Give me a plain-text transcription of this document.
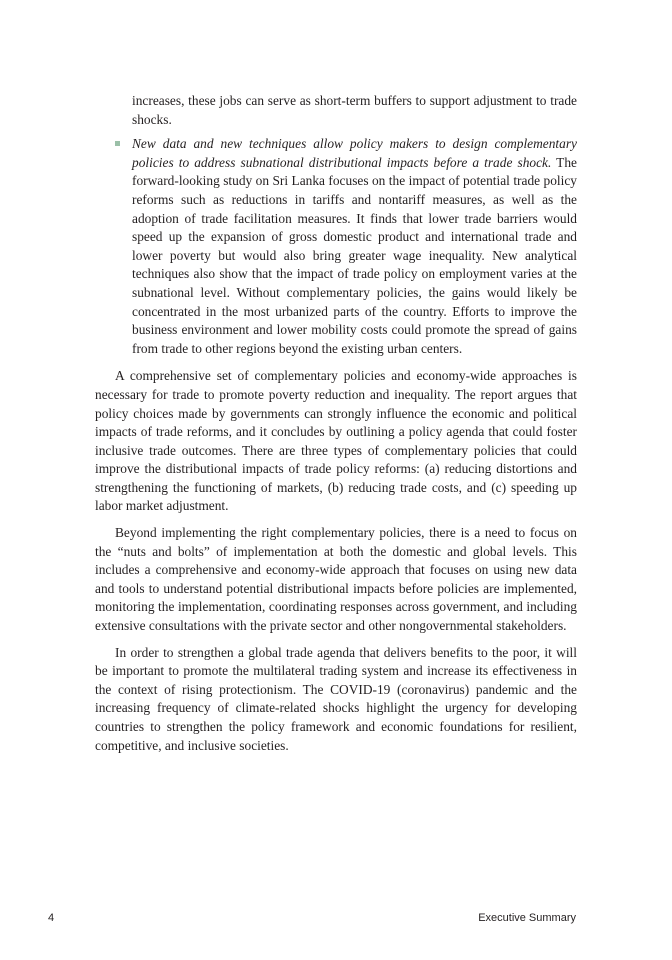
increases, these jobs can serve as short-term buffers to support adjustment to trade shocks.

New data and new techniques allow policy makers to design complementary policies to address subnational distributional impacts before a trade shock. The forward-looking study on Sri Lanka focuses on the impact of potential trade policy reforms such as reductions in tariffs and nontariff measures, as well as the adoption of trade facilitation measures. It finds that lower trade barriers would speed up the expansion of gross domestic product and international trade and lower poverty but would also bring greater wage inequality. New analytical techniques also show that the impact of trade policy on employment varies at the subnational level. Without complementary policies, the gains would likely be concentrated in the most urbanized parts of the country. Efforts to improve the business environment and lower mobility costs could promote the spread of gains from trade to other regions beyond the existing urban centers.

A comprehensive set of complementary policies and economy-wide approaches is necessary for trade to promote poverty reduction and inequality. The report argues that policy choices made by governments can strongly influence the economic and political impacts of trade reforms, and it concludes by outlining a policy agenda that could foster inclusive trade outcomes. There are three types of complementary policies that could improve the distributional impacts of trade policy reforms: (a) reducing distortions and strengthening the functioning of markets, (b) reducing trade costs, and (c) speeding up labor market adjustment.

Beyond implementing the right complementary policies, there is a need to focus on the “nuts and bolts” of implementation at both the domestic and global levels. This includes a comprehensive and economy-wide approach that focuses on using new data and tools to understand potential distributional impacts before policies are implemented, monitoring the implementation, coordinating responses across government, and including extensive consultations with the private sector and other nongovernmental stakeholders.

In order to strengthen a global trade agenda that delivers benefits to the poor, it will be important to promote the multilateral trading system and increase its effectiveness in the context of rising protectionism. The COVID-19 (coronavirus) pandemic and the increasing frequency of climate-related shocks highlight the urgency for developing countries to strengthen the policy framework and economic foundations for resilient, competitive, and inclusive societies.

4	Executive Summary
